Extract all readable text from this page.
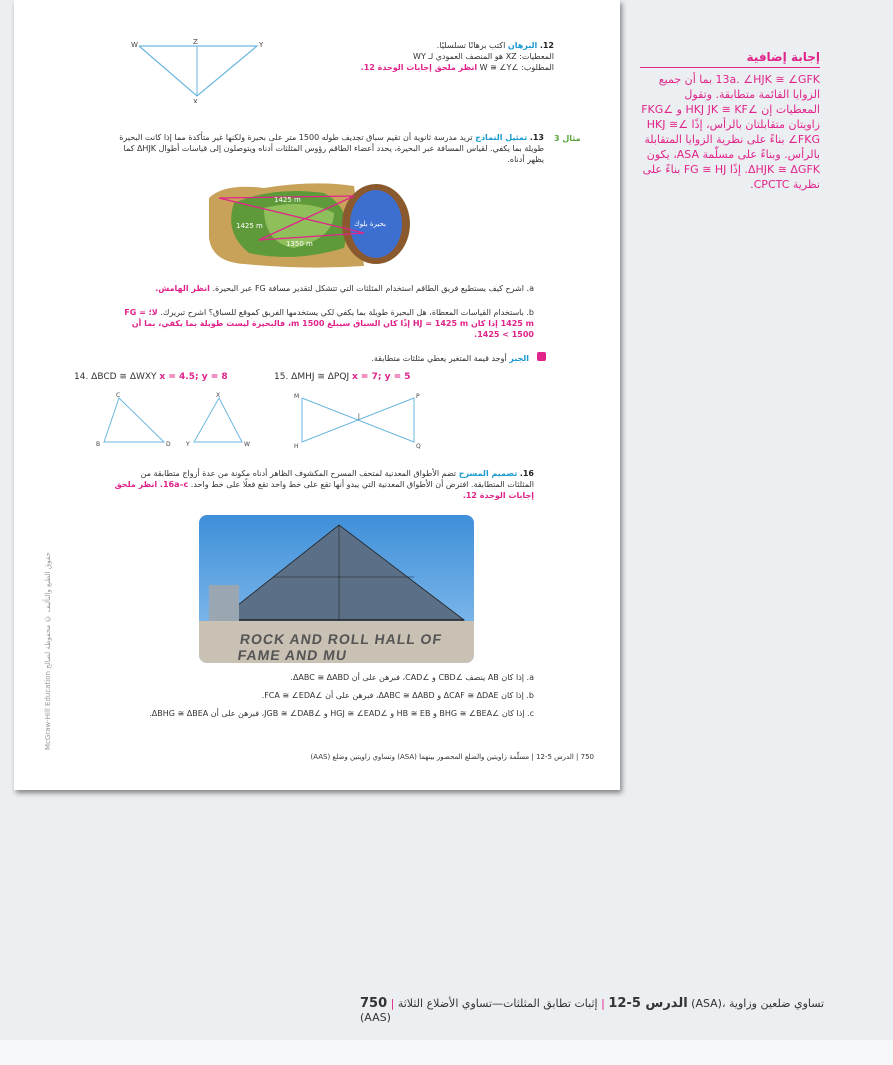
W	Z	Y
X
12. البرهان اكتب برهانًا تسلسليًا.
المعطيات: XZ هو المنصف العمودي لـ WY
المطلوب: ∠W ≅ ∠Y انظر ملحق إجابات الوحدة 12.
مثال 3
13. تمثيل النماذج تريد مدرسة ثانوية أن تقيم سباق تجديف طوله 1500 متر على بحيرة ولكنها غير متأكدة مما إذا كانت البحيرة طويلة بما يكفي. لقياس المسافة عبر البحيرة، يحدد أعضاء الطاقم رؤوس المثلثات أدناه ويتوصلون إلى قياسات أطوال ΔHJK كما يظهر أدناه.
1425 m
1350 m
1425 m	بحيرة بلوك
a. اشرح كيف يستطيع فريق الطاقم استخدام المثلثات التي تتشكل لتقدير مسافة FG عبر البحيرة. انظر الهامش.
b. باستخدام القياسات المعطاة، هل البحيرة طويلة بما يكفي لكي يستخدمها الفريق كموقع للسباق؟ اشرح تبريرك. لا؛ FG = 1425 m إذا كان HJ = 1425 m إذًا كان السباق سيبلغ 1500 m، فالبحيرة ليست طويلة بما يكفي، بما أن 1500 > 1425.
الجبر أوجد قيمة المتغير يعطي مثلثات متطابقة.
14. ΔBCD ≅ ΔWXY x = 4.5; y = 8	15. ΔMHJ ≅ ΔPQJ x = 7; y = 5
C
B	D
X
Y	W
M
H
P
Q
J
16. تصميم المسرح تضم الأطواق المعدنية لمتحف المسرح المكشوف الظاهر أدناه مكونة من عدة أزواج متطابقة من المثلثات المتطابقة. افترض أن الأطواق المعدنية التي يبدو أنها تقع على خط واحد تقع فعلًا على خط واحد. 16a–c. انظر ملحق إجابات الوحدة 12.
ROCK AND ROLL HALL OF FAME AND MU
a. إذا كان AB ينصف ∠CBD و ∠CAD، فبرهن على أن ΔABC ≅ ΔABD.
b. إذا كان ΔCAF ≅ ΔDAE و ΔABC ≅ ΔABD، فبرهن على أن ∠FCA ≅ ∠EDA.
c. إذا كان ∠BHG ≅ ∠BEA و HB ≅ EB و ∠HGJ ≅ ∠EAD و ∠JGB ≅ ∠DAB، فبرهن على أن ΔBHG ≅ ΔBEA.
750 | الدرس 5-12 | مسلّمة زاويتين والضلع المحصور بينهما (ASA) وتساوي زاويتين وضلع (AAS)
McGraw-Hill Education حقوق الطبع والتأليف © محفوظة لصالح
إجابة إضافية
13a. ∠HJK ≅ ∠GFK بما أن جميع الزوايا القائمة متطابقة. وتقول المعطيات إن ∠HKJ JK ≅ KF و ∠FKG زاويتان متقابلتان بالرأس، إذًا ∠HKJ ≅ ∠FKG بناءً على نظرية الزوايا المتقابلة بالرأس. وبناءً على مسلّمة ASA، يكون ΔHJK ≅ ΔGFK. إذًا FG ≅ HJ بناءً على نظرية CPCTC.
750 |	الدرس 5-12 | إثبات تطابق المثلثات—تساوي الأضلاع الثلاثة (ASA)، تساوي ضلعين وزاوية (AAS)
